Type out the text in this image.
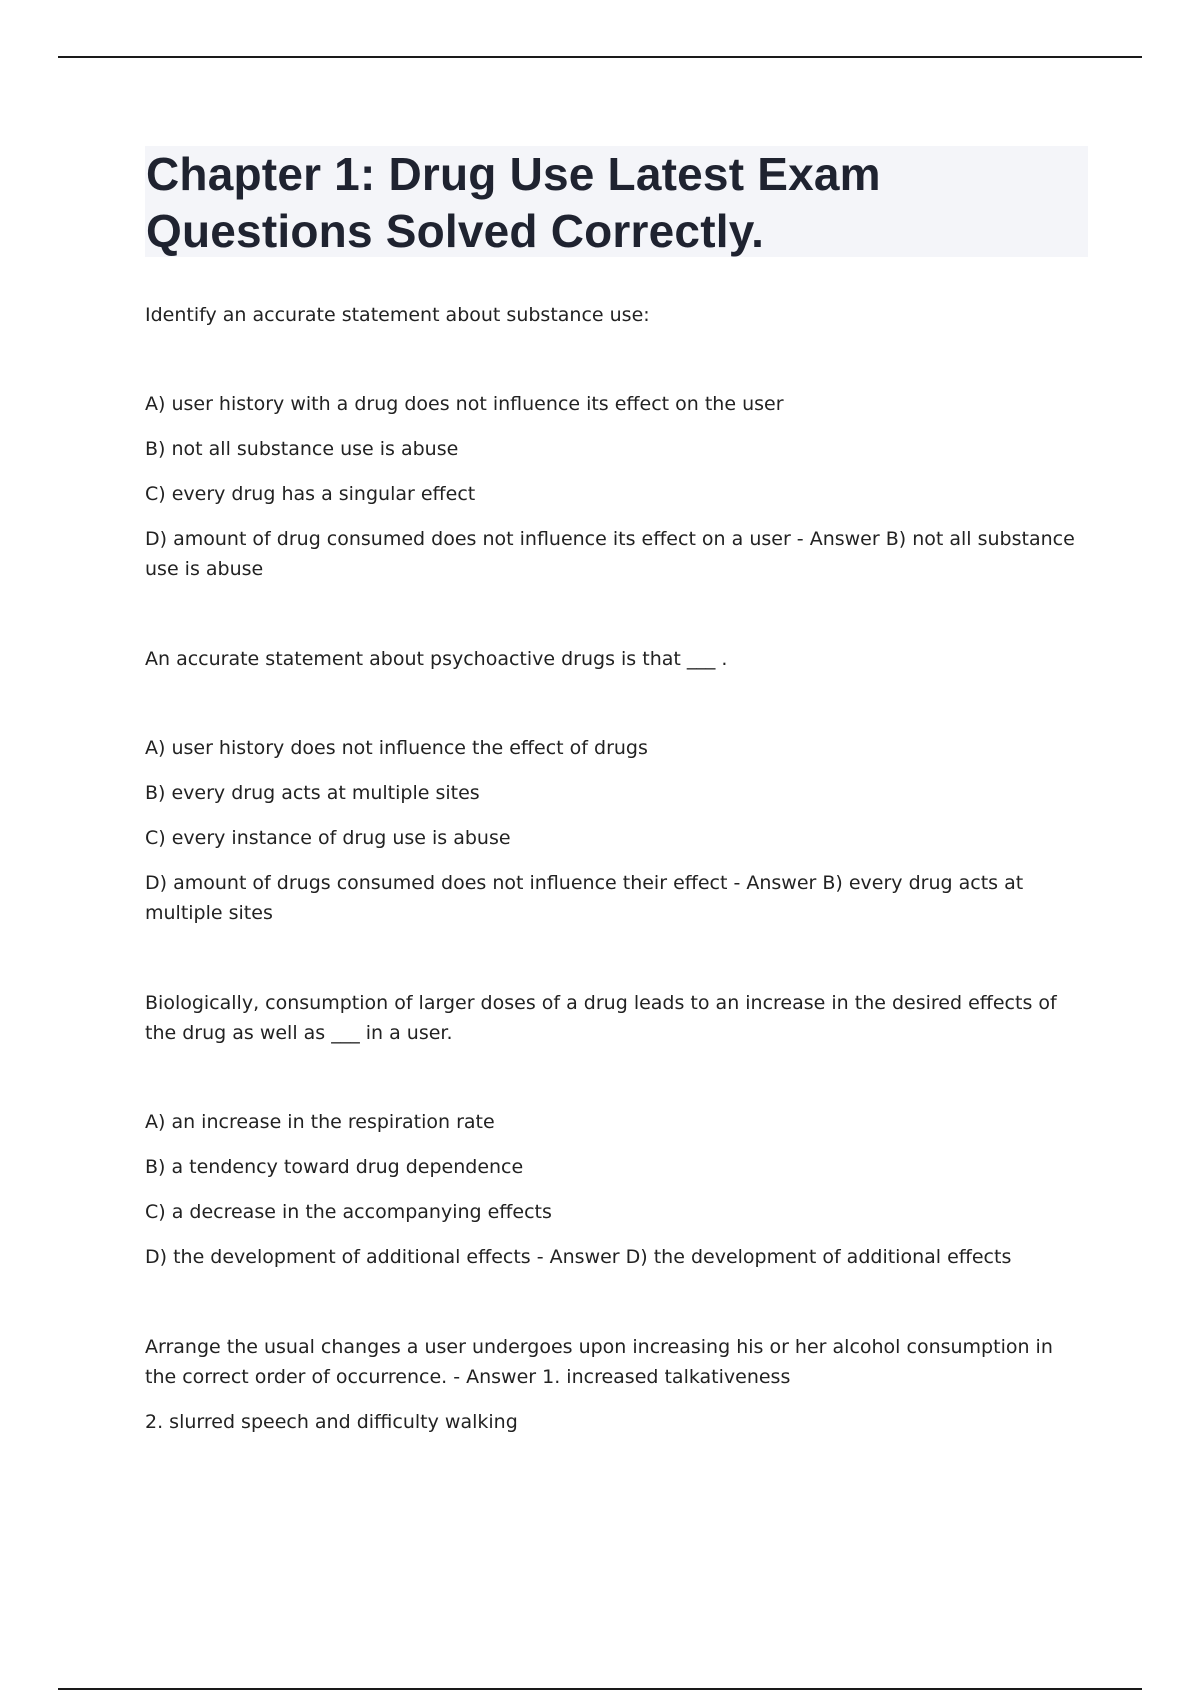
Chapter 1: Drug Use Latest Exam Questions Solved Correctly.

Identify an accurate statement about substance use:

A) user history with a drug does not influence its effect on the user

B) not all substance use is abuse

C) every drug has a singular effect

D) amount of drug consumed does not influence its effect on a user - Answer B) not all substance use is abuse

An accurate statement about psychoactive drugs is that ___ .

A) user history does not influence the effect of drugs

B) every drug acts at multiple sites

C) every instance of drug use is abuse

D) amount of drugs consumed does not influence their effect - Answer B) every drug acts at multiple sites

Biologically, consumption of larger doses of a drug leads to an increase in the desired effects of the drug as well as ___ in a user.

A) an increase in the respiration rate

B) a tendency toward drug dependence

C) a decrease in the accompanying effects

D) the development of additional effects - Answer D) the development of additional effects

Arrange the usual changes a user undergoes upon increasing his or her alcohol consumption in the correct order of occurrence. - Answer 1. increased talkativeness

2. slurred speech and difficulty walking
